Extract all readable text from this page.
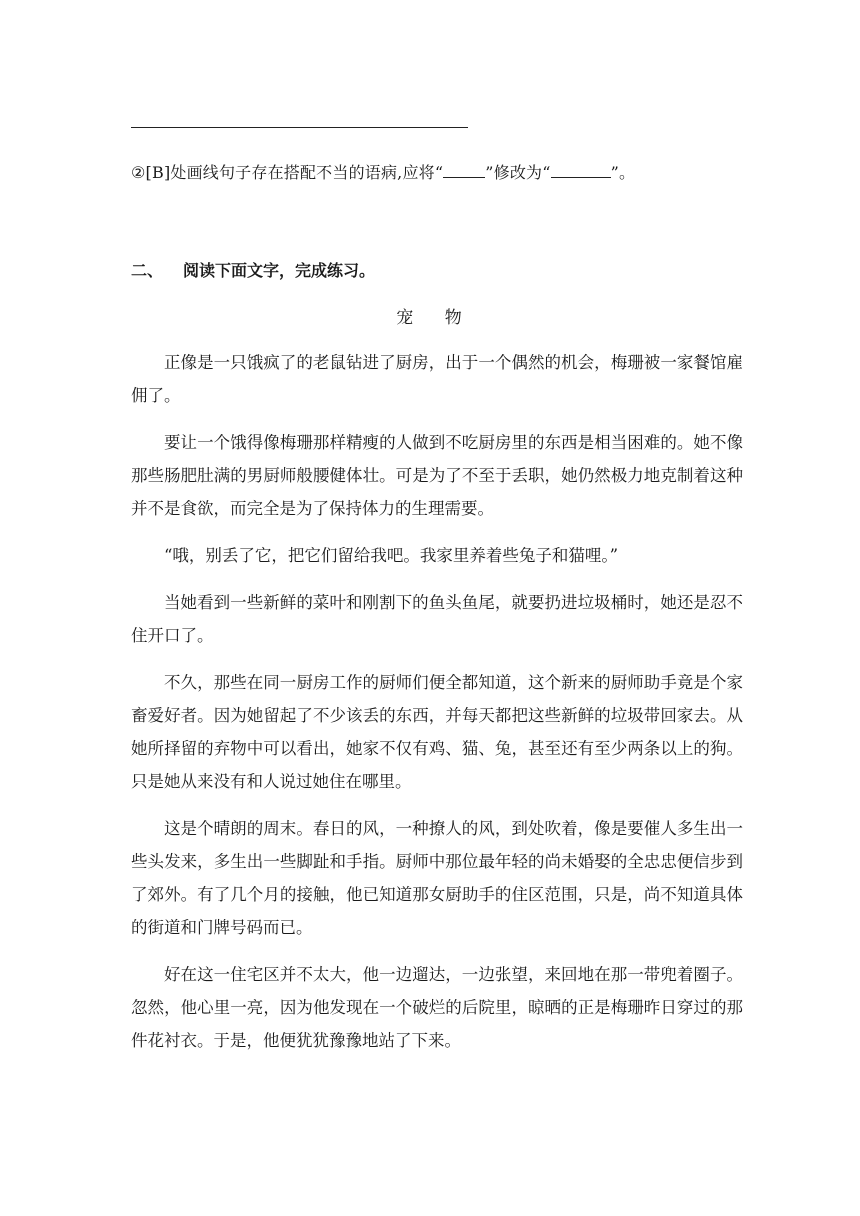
②[B]处画线句子存在搭配不当的语病,应将“	”修改为“	”。
二、 阅读下面文字，完成练习。
宠    物

正像是一只饿疯了的老鼠钻进了厨房，出于一个偶然的机会，梅珊被一家餐馆雇佣了。

要让一个饿得像梅珊那样精瘦的人做到不吃厨房里的东西是相当困难的。她不像那些肠肥肚满的男厨师般腰健体壮。可是为了不至于丢职，她仍然极力地克制着这种并不是食欲，而完全是为了保持体力的生理需要。

“哦，别丢了它，把它们留给我吧。我家里养着些兔子和猫哩。”

当她看到一些新鲜的菜叶和刚割下的鱼头鱼尾，就要扔进垃圾桶时，她还是忍不住开口了。

不久，那些在同一厨房工作的厨师们便全都知道，这个新来的厨师助手竟是个家畜爱好者。因为她留起了不少该丢的东西，并每天都把这些新鲜的垃圾带回家去。从她所择留的弃物中可以看出，她家不仅有鸡、猫、兔，甚至还有至少两条以上的狗。只是她从来没有和人说过她住在哪里。

这是个晴朗的周末。春日的风，一种撩人的风，到处吹着，像是要催人多生出一些头发来，多生出一些脚趾和手指。厨师中那位最年轻的尚未婚娶的全忠忠便信步到了郊外。有了几个月的接触，他已知道那女厨助手的住区范围，只是，尚不知道具体的街道和门牌号码而已。

好在这一住宅区并不太大，他一边遛达，一边张望，来回地在那一带兜着圈子。忽然，他心里一亮，因为他发现在一个破烂的后院里，晾晒的正是梅珊昨日穿过的那件花衬衣。于是，他便犹犹豫豫地站了下来。
